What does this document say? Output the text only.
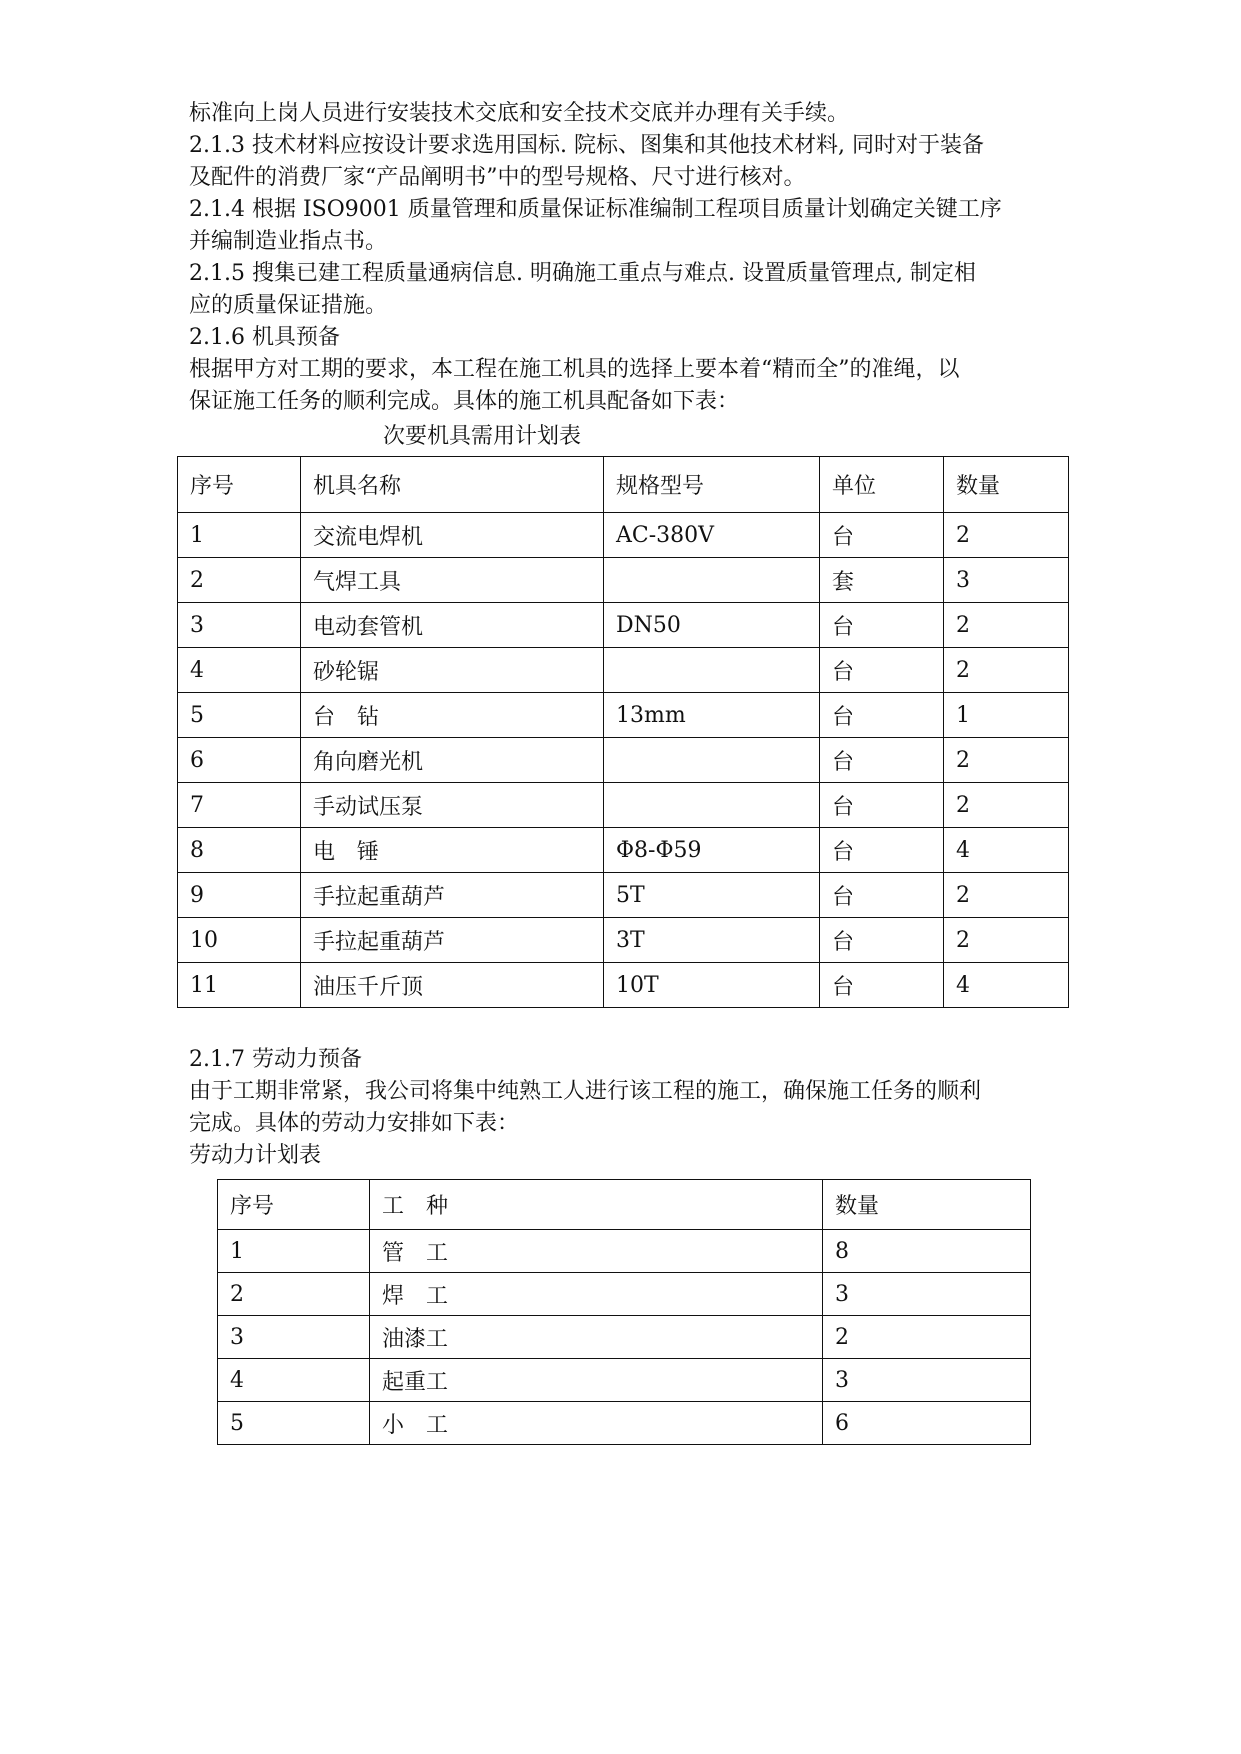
标准向上岗人员进行安装技术交底和安全技术交底并办理有关手续。
2.1.3 技术材料应按设计要求选用国标. 院标、图集和其他技术材料, 同时对于装备
及配件的消费厂家“产品阐明书”中的型号规格、尺寸进行核对。
2.1.4 根据 ISO9001 质量管理和质量保证标准编制工程项目质量计划确定关键工序
并编制造业指点书。
2.1.5 搜集已建工程质量通病信息. 明确施工重点与难点. 设置质量管理点, 制定相
应的质量保证措施。
2.1.6 机具预备
根据甲方对工期的要求，本工程在施工机具的选择上要本着“精而全”的准绳，以
保证施工任务的顺利完成。具体的施工机具配备如下表：
次要机具需用计划表
序号	机具名称	规格型号	单位	数量
1	交流电焊机	AC-380V	台	2
2	气焊工具		套	3
3	电动套管机	DN50	台	2
4	砂轮锯		台	2
5	台　钻	13mm	台	1
6	角向磨光机		台	2
7	手动试压泵		台	2
8	电　锤	Φ8-Φ59	台	4
9	手拉起重葫芦	5T	台	2
10	手拉起重葫芦	3T	台	2
11	油压千斤顶	10T	台	4
2.1.7 劳动力预备
由于工期非常紧，我公司将集中纯熟工人进行该工程的施工，确保施工任务的顺利
完成。具体的劳动力安排如下表：
劳动力计划表
序号	工　种	数量
1	管　工	8
2	焊　工	3
3	油漆工	2
4	起重工	3
5	小　工	6
